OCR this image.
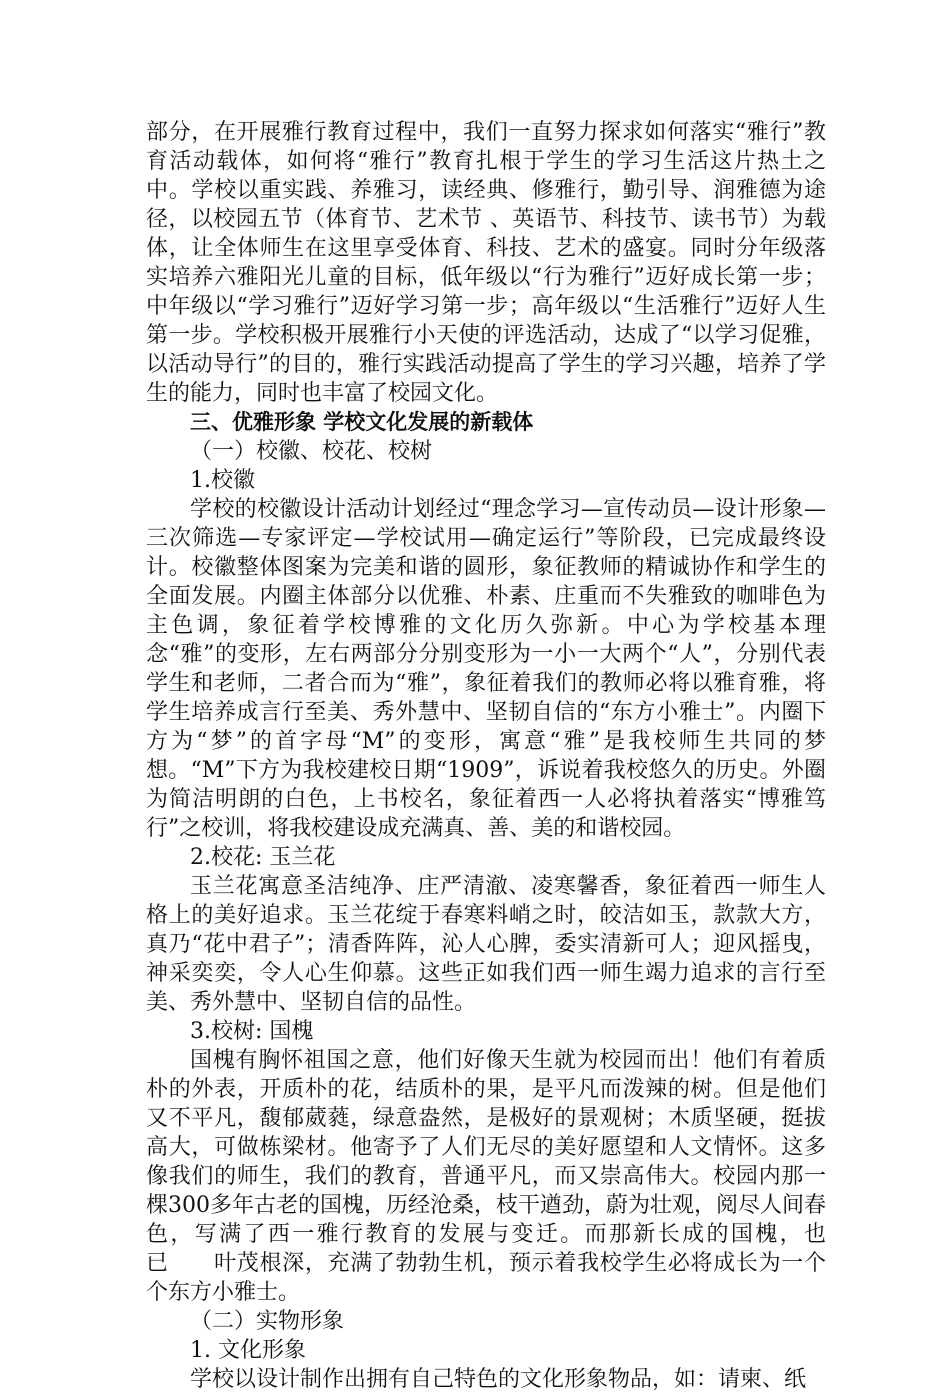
部分，在开展雅行教育过程中，我们一直努力探求如何落实“雅行”教育活动载体，如何将“雅行”教育扎根于学生的学习生活这片热土之中。学校以重实践、养雅习，读经典、修雅行，勤引导、润雅德为途径，以校园五节（体育节、艺术节 、英语节、科技节、读书节）为载体，让全体师生在这里享受体育、科技、艺术的盛宴。同时分年级落实培养六雅阳光儿童的目标，低年级以“行为雅行”迈好成长第一步；中年级以“学习雅行”迈好学习第一步；高年级以“生活雅行”迈好人生第一步。学校积极开展雅行小天使的评选活动，达成了“以学习促雅，以活动导行”的目的，雅行实践活动提高了学生的学习兴趣，培养了学生的能力，同时也丰富了校园文化。

三、优雅形象 学校文化发展的新载体

（一）校徽、校花、校树

1.校徽

学校的校徽设计活动计划经过“理念学习—宣传动员—设计形象—三次筛选—专家评定—学校试用—确定运行”等阶段，已完成最终设计。校徽整体图案为完美和谐的圆形，象征教师的精诚协作和学生的全面发展。内圈主体部分以优雅、朴素、庄重而不失雅致的咖啡色为主色调，象征着学校博雅的文化历久弥新。中心为学校基本理念“雅”的变形，左右两部分分别变形为一小一大两个“人”，分别代表学生和老师，二者合而为“雅”，象征着我们的教师必将以雅育雅，将学生培养成言行至美、秀外慧中、坚韧自信的“东方小雅士”。内圈下方为“梦”的首字母“M”的变形，寓意“雅”是我校师生共同的梦想。“M”下方为我校建校日期“1909”，诉说着我校悠久的历史。外圈为简洁明朗的白色，上书校名，象征着西一人必将执着落实“博雅笃行”之校训，将我校建设成充满真、善、美的和谐校园。

2.校花: 玉兰花

玉兰花寓意圣洁纯净、庄严清澈、凌寒馨香，象征着西一师生人格上的美好追求。玉兰花绽于春寒料峭之时，皎洁如玉，款款大方，真乃“花中君子”；清香阵阵，沁人心脾，委实清新可人；迎风摇曳，神采奕奕，令人心生仰慕。这些正如我们西一师生竭力追求的言行至美、秀外慧中、坚韧自信的品性。

3.校树: 国槐

国槐有胸怀祖国之意，他们好像天生就为校园而出！他们有着质朴的外表，开质朴的花，结质朴的果，是平凡而泼辣的树。但是他们又不平凡，馥郁葳蕤，绿意盎然，是极好的景观树；木质坚硬，挺拔高大，可做栋梁材。他寄予了人们无尽的美好愿望和人文情怀。这多像我们的师生，我们的教育，普通平凡，而又崇高伟大。校园内那一棵300多年古老的国槐，历经沧桑，枝干遒劲，蔚为壮观，阅尽人间春色，写满了西一雅行教育的发展与变迁。而那新长成的国槐，也　　已　　叶茂根深，充满了勃勃生机，预示着我校学生必将成长为一个个东方小雅士。

（二）实物形象

1. 文化形象

学校以设计制作出拥有自己特色的文化形象物品，如：请柬、纸
